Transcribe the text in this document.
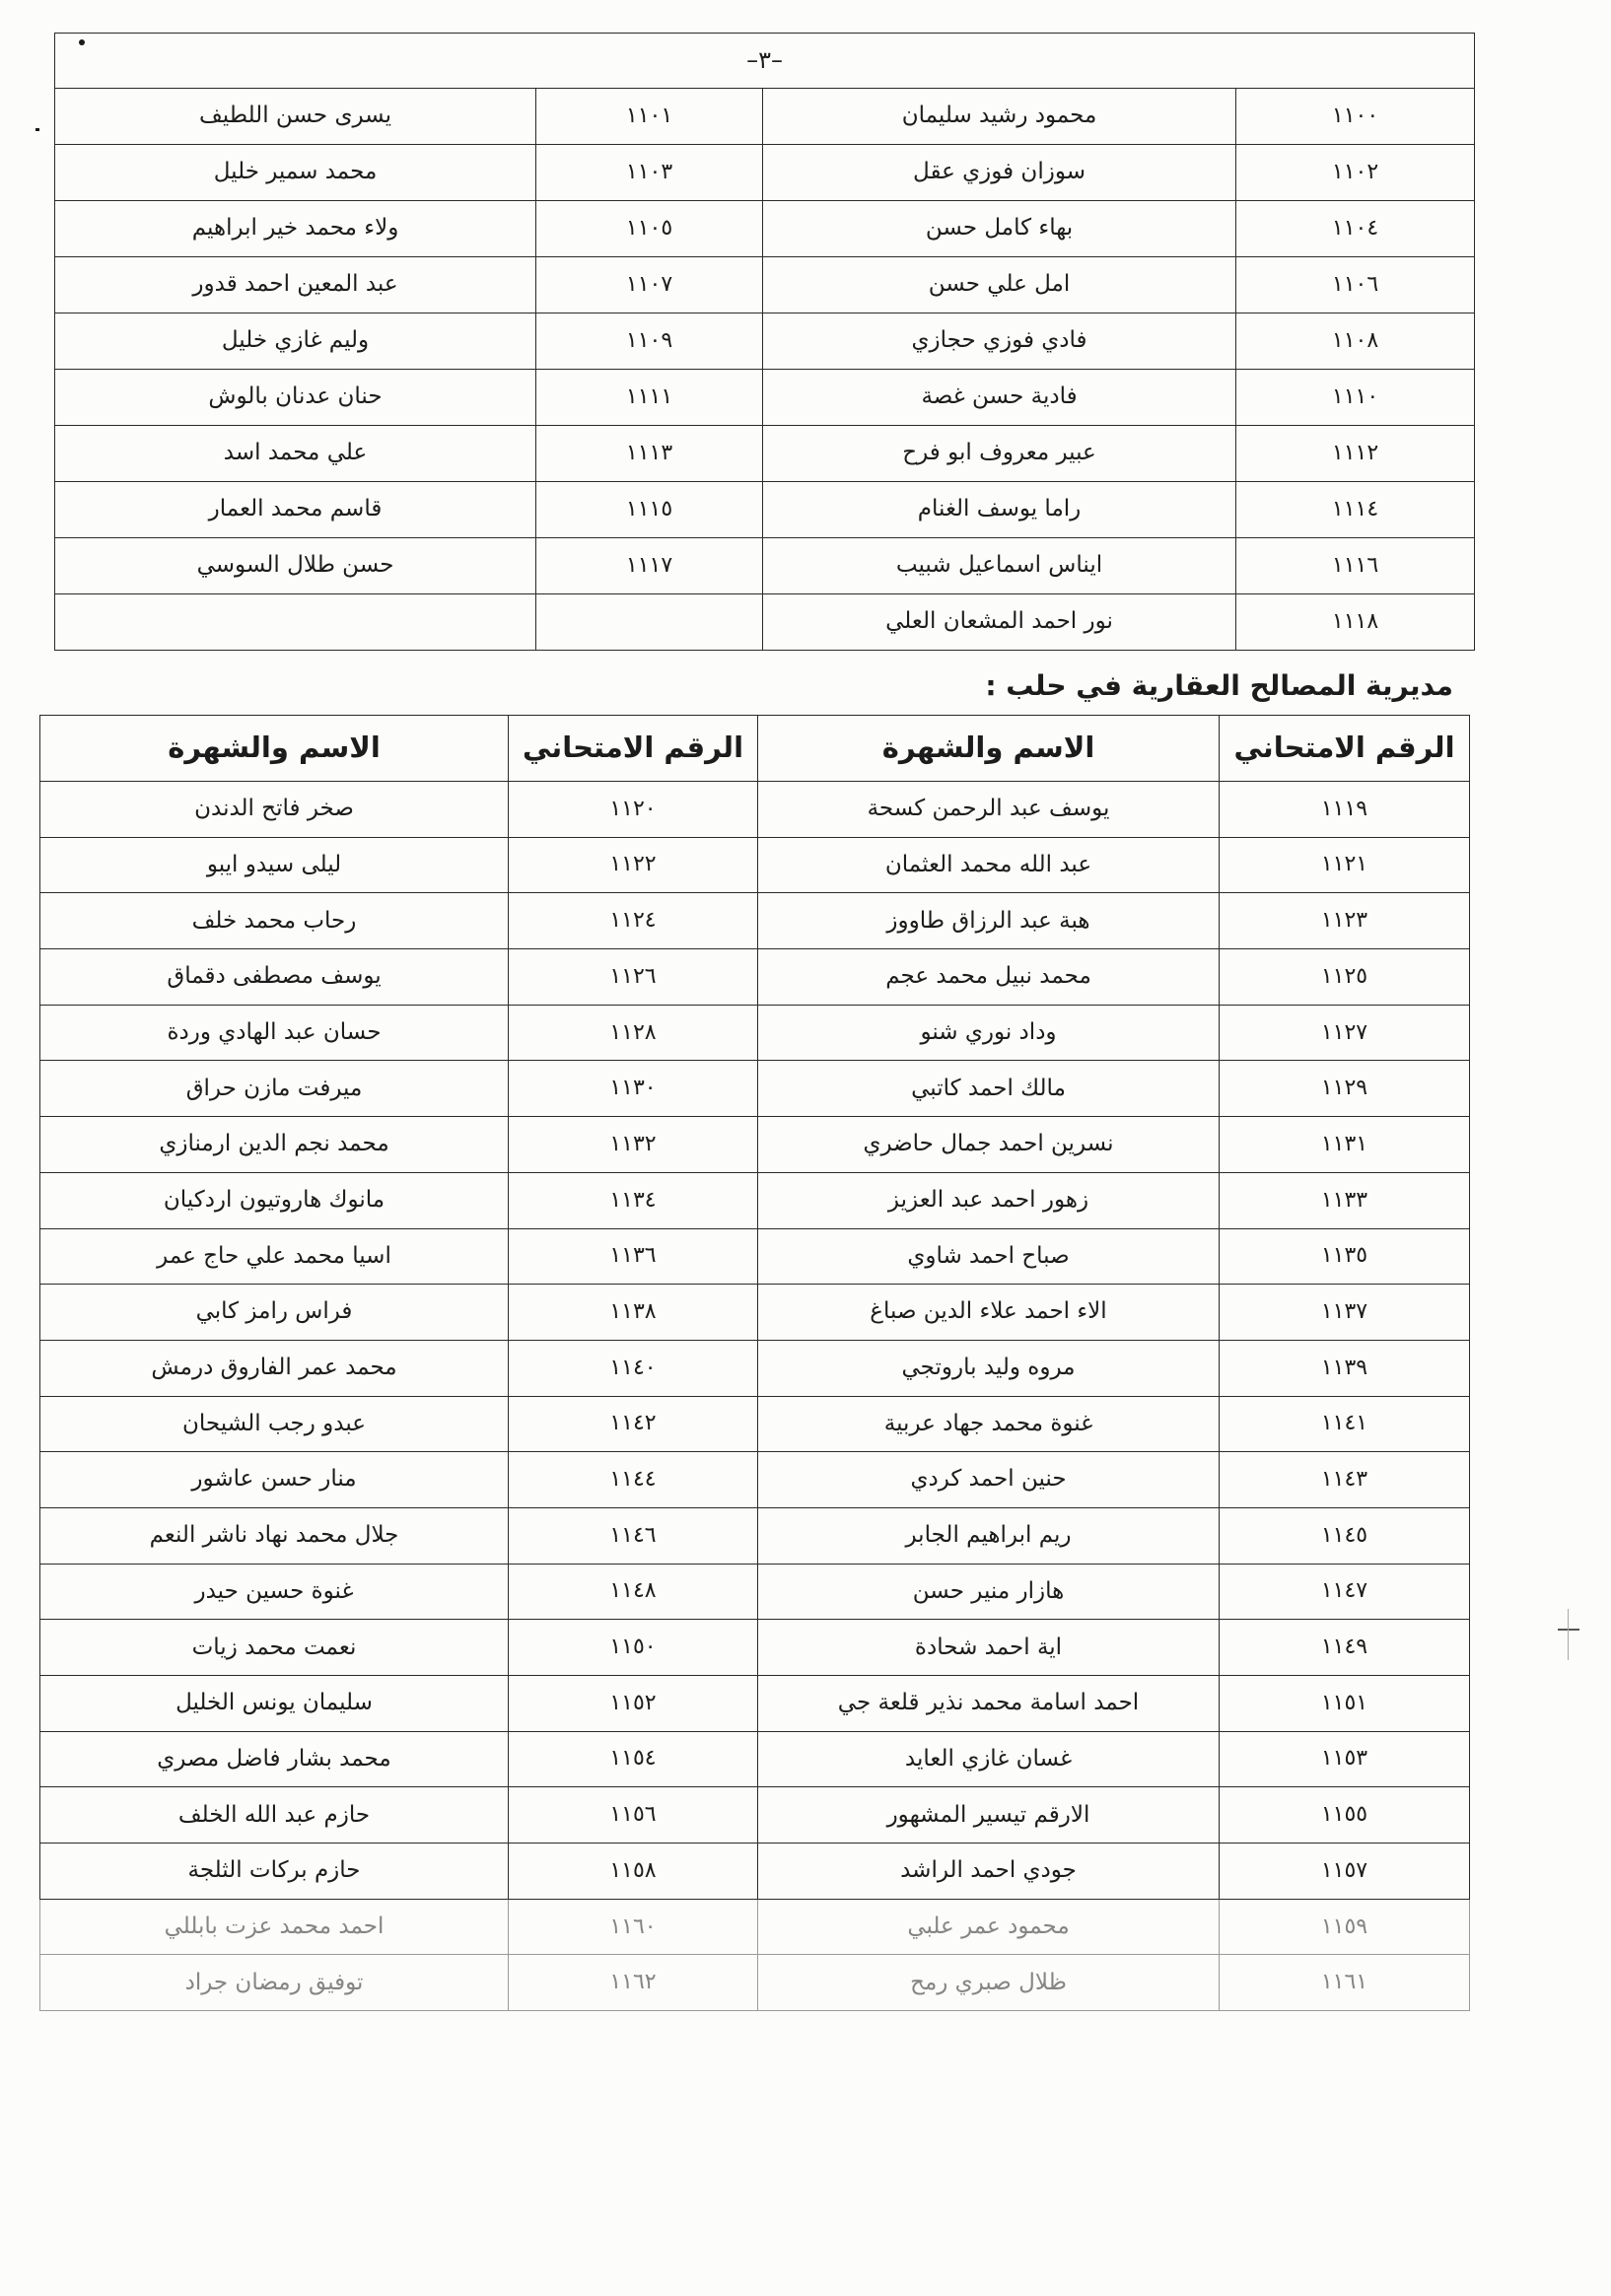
–٣–			
١١٠٠	محمود رشيد سليمان	١١٠١	يسرى حسن اللطيف
١١٠٢	سوزان فوزي عقل	١١٠٣	محمد سمير خليل
١١٠٤	بهاء كامل حسن	١١٠٥	ولاء محمد خير ابراهيم
١١٠٦	امل علي حسن	١١٠٧	عبد المعين احمد قدور
١١٠٨	فادي فوزي حجازي	١١٠٩	وليم غازي خليل
١١١٠	فادية حسن غصة	١١١١	حنان عدنان بالوش
١١١٢	عبير معروف ابو فرح	١١١٣	علي محمد اسد
١١١٤	راما يوسف الغنام	١١١٥	قاسم محمد العمار
١١١٦	ايناس اسماعيل شبيب	١١١٧	حسن طلال السوسي
١١١٨	نور احمد المشعان العلي		
مديرية المصالح العقارية في حلب :
الرقم الامتحاني	الاسم والشهرة	الرقم الامتحاني	الاسم والشهرة
١١١٩	يوسف عبد الرحمن كسحة	١١٢٠	صخر فاتح الدندن
١١٢١	عبد الله محمد العثمان	١١٢٢	ليلى سيدو ايبو
١١٢٣	هبة عبد الرزاق طاووز	١١٢٤	رحاب محمد خلف
١١٢٥	محمد نبيل محمد عجم	١١٢٦	يوسف مصطفى دقماق
١١٢٧	وداد نوري شنو	١١٢٨	حسان عبد الهادي وردة
١١٢٩	مالك احمد كاتبي	١١٣٠	ميرفت مازن حراق
١١٣١	نسرين احمد جمال حاضري	١١٣٢	محمد نجم الدين ارمنازي
١١٣٣	زهور احمد عبد العزيز	١١٣٤	مانوك هاروتيون اردكيان
١١٣٥	صباح احمد شاوي	١١٣٦	اسيا محمد علي حاج عمر
١١٣٧	الاء احمد علاء الدين صباغ	١١٣٨	فراس رامز كابي
١١٣٩	مروه وليد باروتجي	١١٤٠	محمد عمر الفاروق درمش
١١٤١	غنوة محمد جهاد عربية	١١٤٢	عبدو رجب الشيحان
١١٤٣	حنين احمد كردي	١١٤٤	منار حسن عاشور
١١٤٥	ريم ابراهيم الجابر	١١٤٦	جلال محمد نهاد ناشر النعم
١١٤٧	هازار منير حسن	١١٤٨	غنوة حسين حيدر
١١٤٩	اية احمد شحادة	١١٥٠	نعمت محمد زيات
١١٥١	احمد اسامة محمد نذير قلعة جي	١١٥٢	سليمان يونس الخليل
١١٥٣	غسان غازي العايد	١١٥٤	محمد بشار فاضل مصري
١١٥٥	الارقم تيسير المشهور	١١٥٦	حازم عبد الله الخلف
١١٥٧	جودي احمد الراشد	١١٥٨	حازم بركات الثلجة
١١٥٩	محمود عمر علبي	١١٦٠	احمد محمد عزت بابللي
١١٦١	ظلال صبري رمح	١١٦٢	توفيق رمضان جراد
